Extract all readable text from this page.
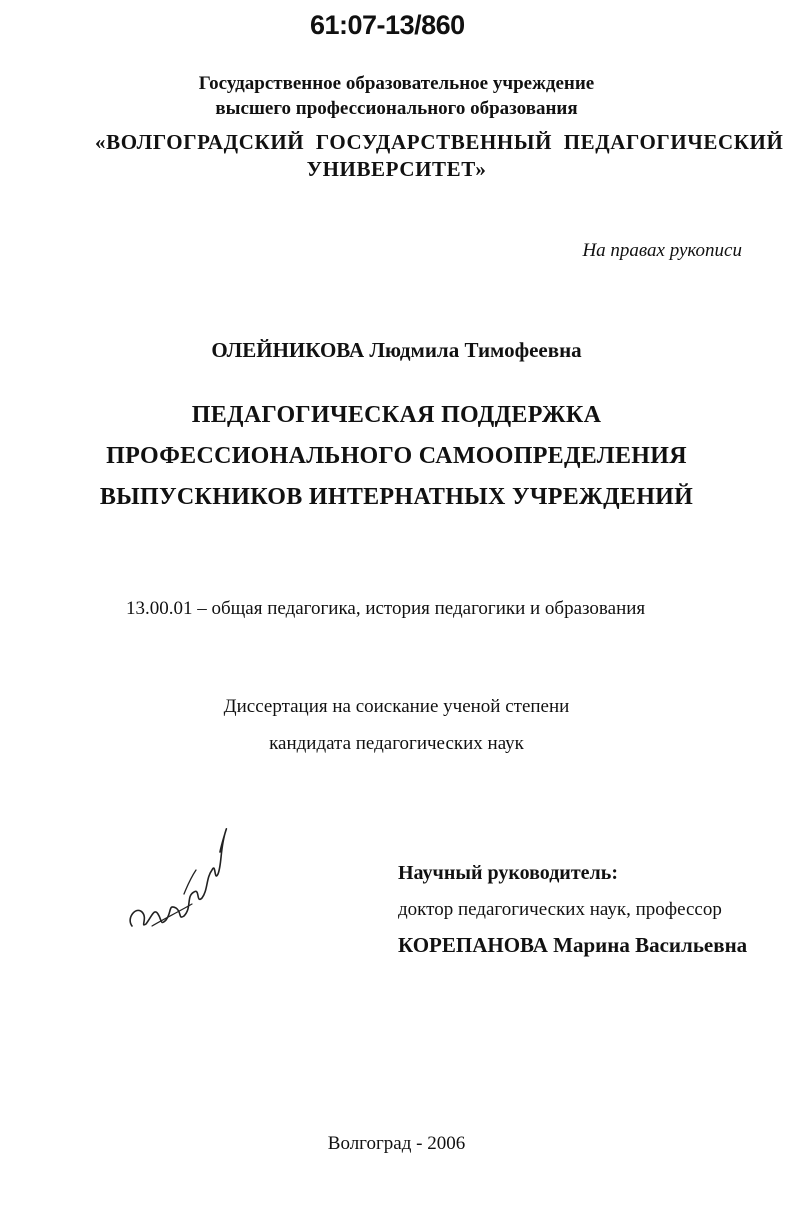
61:07-13/860
Государственное образовательное учреждение
высшего профессионального образования
«ВОЛГОГРАДСКИЙ  ГОСУДАРСТВЕННЫЙ  ПЕДАГОГИЧЕСКИЙ
УНИВЕРСИТЕТ»
На правах рукописи
ОЛЕЙНИКОВА Людмила Тимофеевна
ПЕДАГОГИЧЕСКАЯ ПОДДЕРЖКА
ПРОФЕССИОНАЛЬНОГО САМООПРЕДЕЛЕНИЯ
ВЫПУСКНИКОВ ИНТЕРНАТНЫХ УЧРЕЖДЕНИЙ
13.00.01 – общая педагогика, история педагогики и образования
Диссертация на соискание ученой степени
кандидата педагогических наук
Научный руководитель:
доктор педагогических наук, профессор
КОРЕПАНОВА Марина Васильевна
Волгоград - 2006
